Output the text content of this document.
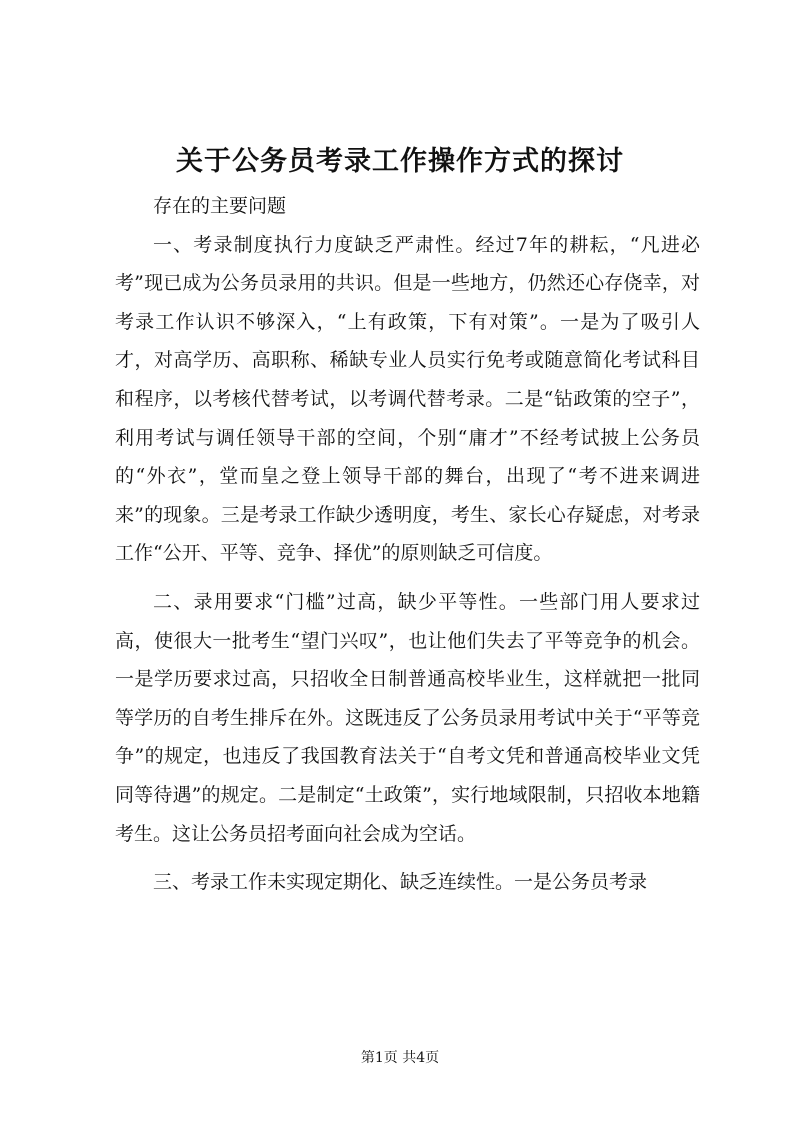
关于公务员考录工作操作方式的探讨

存在的主要问题

一、考录制度执行力度缺乏严肃性。经过7年的耕耘，“凡进必考”现已成为公务员录用的共识。但是一些地方，仍然还心存侥幸，对考录工作认识不够深入，“上有政策，下有对策”。一是为了吸引人才，对高学历、高职称、稀缺专业人员实行免考或随意简化考试科目和程序，以考核代替考试，以考调代替考录。二是“钻政策的空子”，利用考试与调任领导干部的空间，个别“庸才”不经考试披上公务员的“外衣”，堂而皇之登上领导干部的舞台，出现了“考不进来调进来”的现象。三是考录工作缺少透明度，考生、家长心存疑虑，对考录工作“公开、平等、竞争、择优”的原则缺乏可信度。

二、录用要求“门槛”过高，缺少平等性。一些部门用人要求过高，使很大一批考生“望门兴叹”，也让他们失去了平等竞争的机会。一是学历要求过高，只招收全日制普通高校毕业生，这样就把一批同等学历的自考生排斥在外。这既违反了公务员录用考试中关于“平等竞争”的规定，也违反了我国教育法关于“自考文凭和普通高校毕业文凭同等待遇”的规定。二是制定“土政策”，实行地域限制，只招收本地籍考生。这让公务员招考面向社会成为空话。

三、考录工作未实现定期化、缺乏连续性。一是公务员考录

第1页 共4页
